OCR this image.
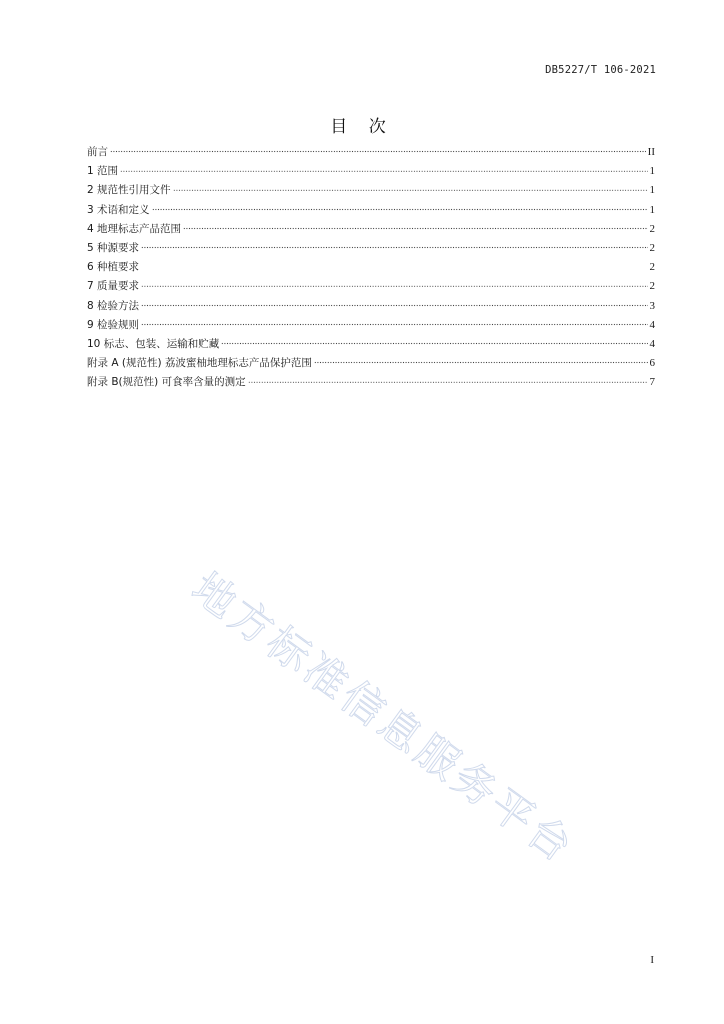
DB5227/T 106-2021
目 次
前言	II
1 范围	1
2 规范性引用文件	1
3 术语和定义	1
4 地理标志产品范围	2
5 种源要求	2
6 种植要求	2
7 质量要求	2
8 检验方法	3
9 检验规则	4
10 标志、包装、运输和贮藏	4
附录 A (规范性) 荔波蜜柚地理标志产品保护范围	6
附录 B(规范性) 可食率含量的测定	7
地方标准信息服务平台
I
